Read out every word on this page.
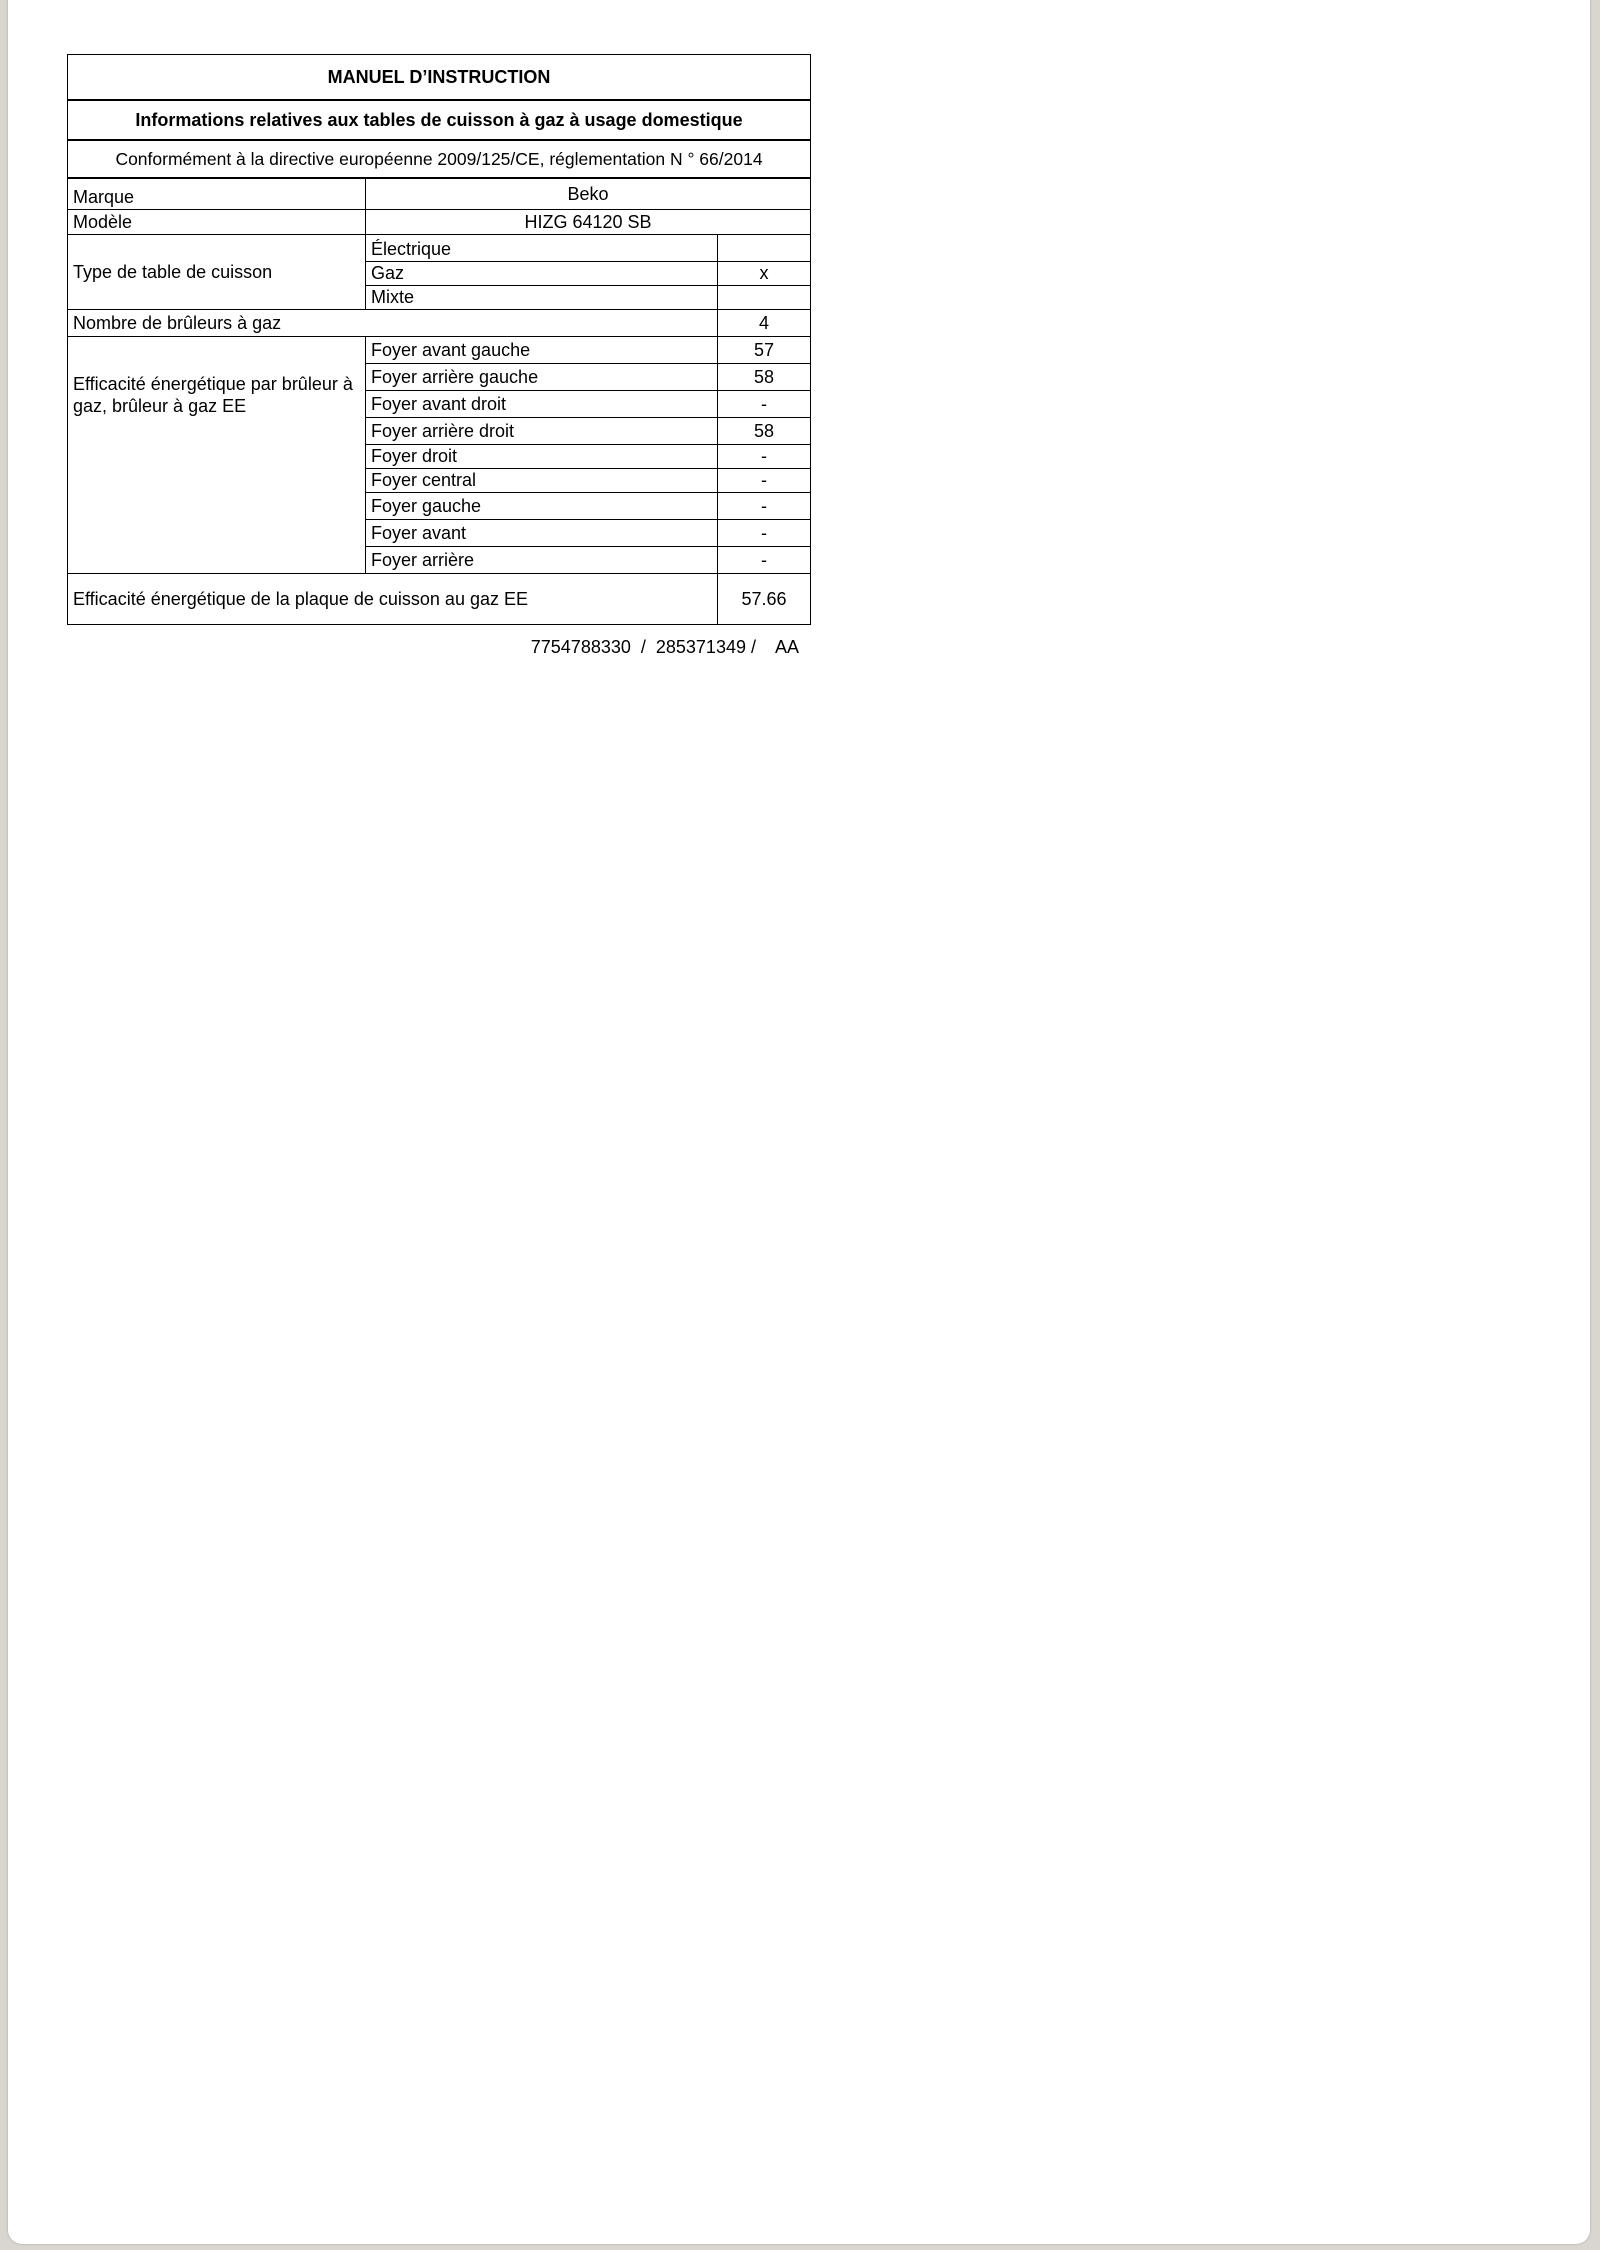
MANUEL D’INSTRUCTION		
Informations relatives aux tables de cuisson à gaz à usage domestique		
Conformément à la directive européenne 2009/125/CE, réglementation N ° 66/2014		
Marque	Beko	
Modèle	HIZG 64120 SB	
Type de table de cuisson	Électrique	
	Gaz	x
	Mixte	
Nombre de brûleurs à gaz		4
Efficacité énergétique par brûleur à gaz, brûleur à gaz EE	Foyer avant gauche	57
	Foyer arrière gauche	58
	Foyer avant droit	-
	Foyer arrière droit	58
	Foyer droit	-
	Foyer central	-
	Foyer gauche	-
	Foyer avant	-
	Foyer arrière	-
Efficacité énergétique de la plaque de cuisson au gaz EE		57.66
7754788330  /  285371349 /    AA
